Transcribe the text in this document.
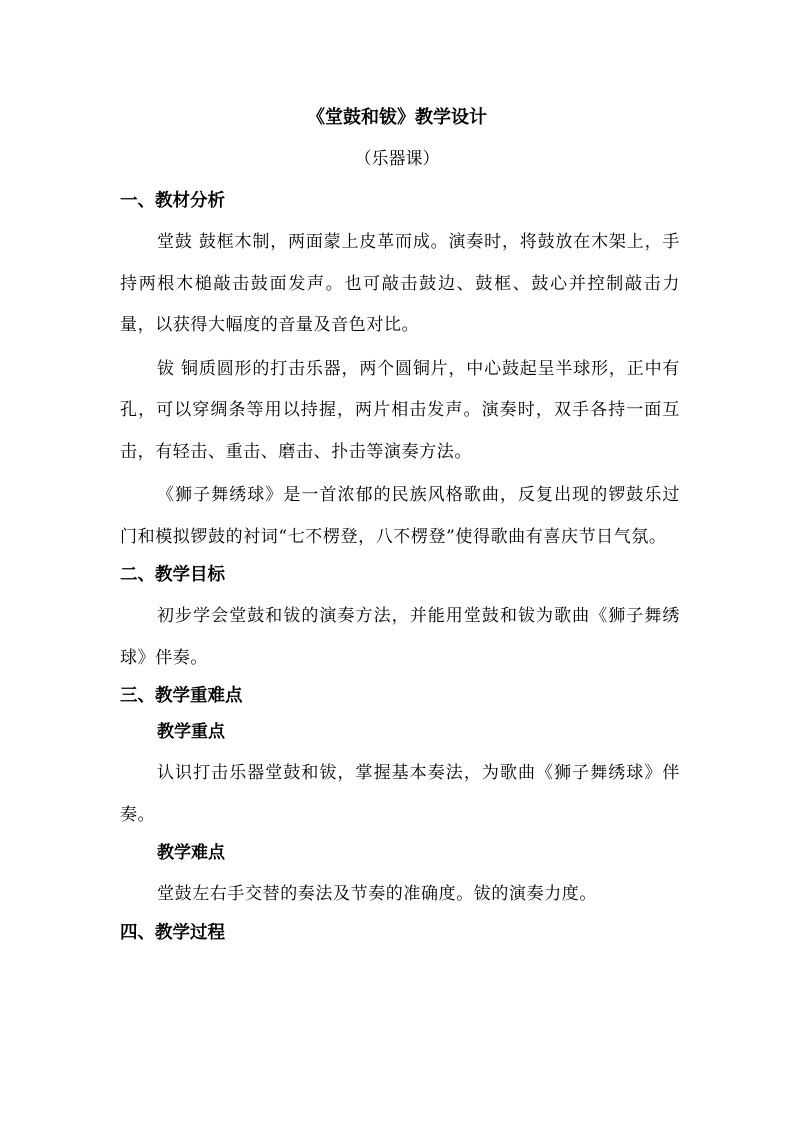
《堂鼓和钹》教学设计
（乐器课）
一、教材分析
堂鼓 鼓框木制，两面蒙上皮革而成。演奏时，将鼓放在木架上，手持两根木槌敲击鼓面发声。也可敲击鼓边、鼓框、鼓心并控制敲击力量，以获得大幅度的音量及音色对比。
钹 铜质圆形的打击乐器，两个圆铜片，中心鼓起呈半球形，正中有孔，可以穿绸条等用以持握，两片相击发声。演奏时，双手各持一面互击，有轻击、重击、磨击、扑击等演奏方法。
《狮子舞绣球》是一首浓郁的民族风格歌曲，反复出现的锣鼓乐过门和模拟锣鼓的衬词“七不楞登，八不楞登”使得歌曲有喜庆节日气氛。
二、教学目标
初步学会堂鼓和钹的演奏方法，并能用堂鼓和钹为歌曲《狮子舞绣球》伴奏。
三、教学重难点
教学重点
认识打击乐器堂鼓和钹，掌握基本奏法，为歌曲《狮子舞绣球》伴奏。
教学难点
堂鼓左右手交替的奏法及节奏的准确度。钹的演奏力度。
四、教学过程
